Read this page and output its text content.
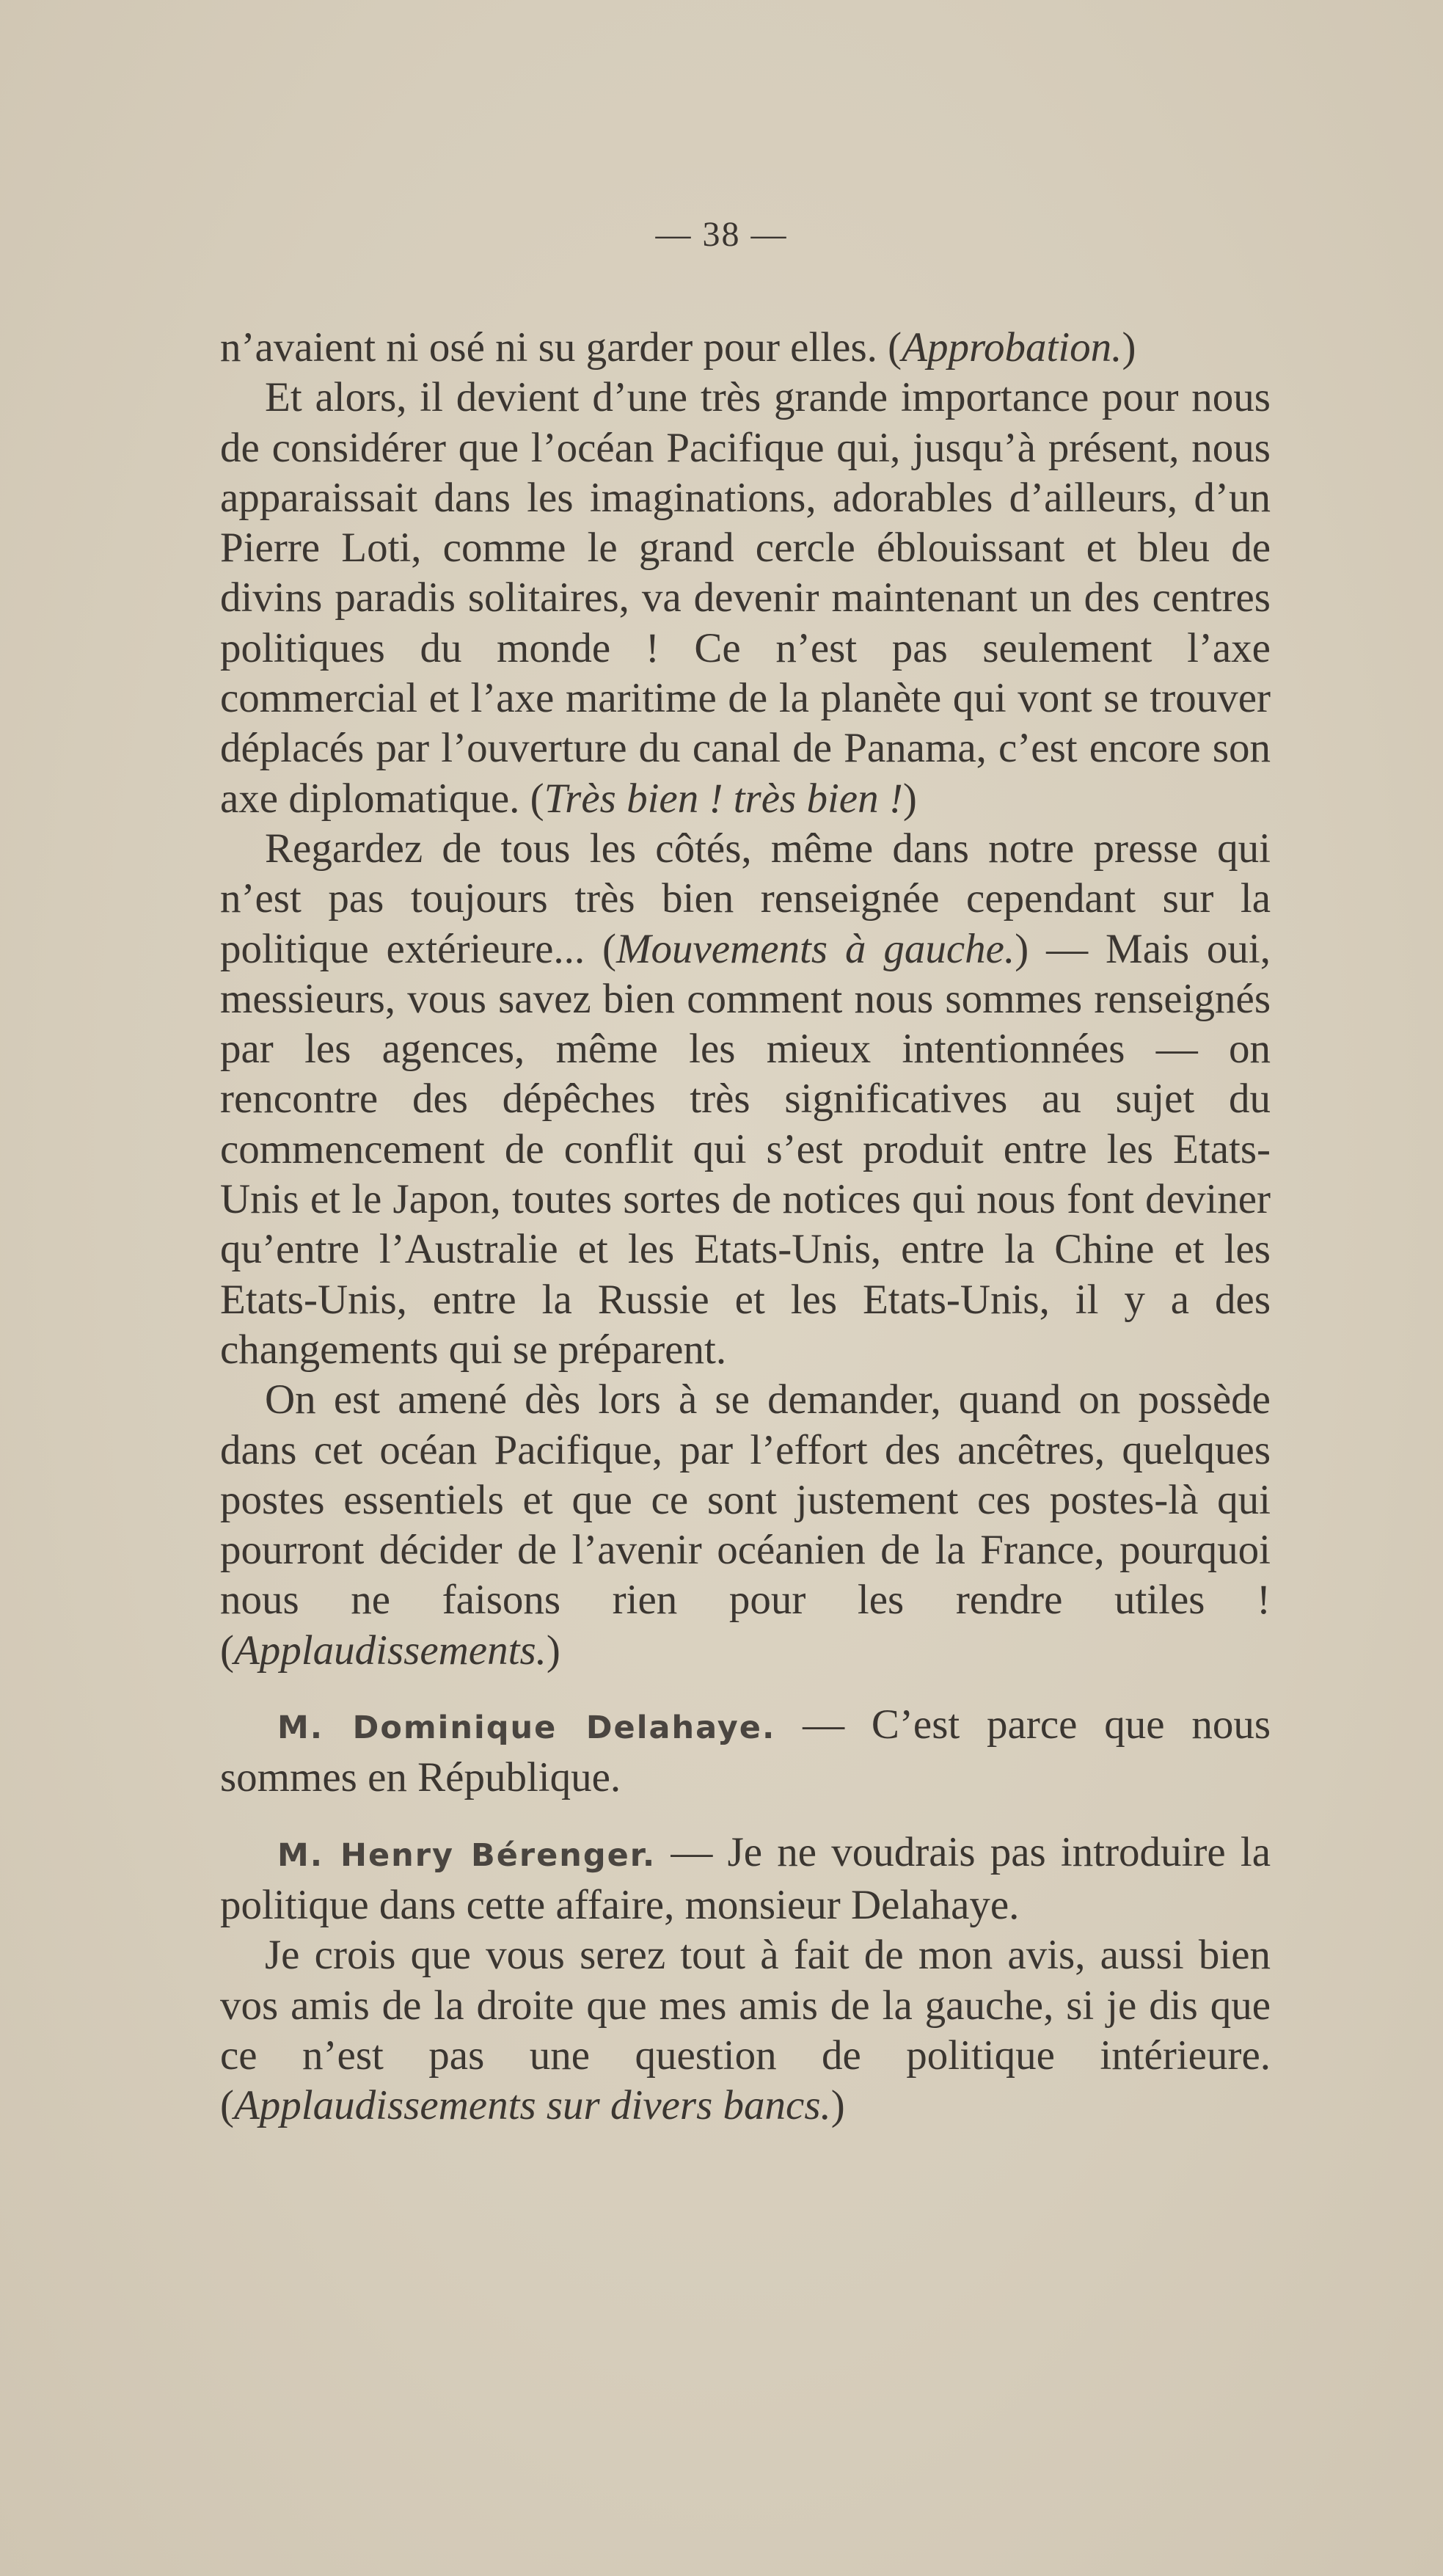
— 38 —

n’avaient ni osé ni su garder pour elles. (Approbation.)

Et alors, il devient d’une très grande importance pour nous de considérer que l’océan Pacifique qui, jusqu’à présent, nous apparaissait dans les imaginations, adorables d’ailleurs, d’un Pierre Loti, comme le grand cercle éblouissant et bleu de divins paradis solitaires, va devenir maintenant un des centres politiques du monde ! Ce n’est pas seulement l’axe commercial et l’axe maritime de la planète qui vont se trouver déplacés par l’ouverture du canal de Panama, c’est encore son axe diplomatique. (Très bien ! très bien !)

Regardez de tous les côtés, même dans notre presse qui n’est pas toujours très bien renseignée cependant sur la politique extérieure... (Mouvements à gauche.) — Mais oui, messieurs, vous savez bien comment nous sommes renseignés par les agences, même les mieux intentionnées — on rencontre des dépêches très significatives au sujet du commencement de conflit qui s’est produit entre les Etats-Unis et le Japon, toutes sortes de notices qui nous font deviner qu’entre l’Australie et les Etats-Unis, entre la Chine et les Etats-Unis, entre la Russie et les Etats-Unis, il y a des changements qui se préparent.

On est amené dès lors à se demander, quand on possède dans cet océan Pacifique, par l’effort des ancêtres, quelques postes essentiels et que ce sont justement ces postes-là qui pourront décider de l’avenir océanien de la France, pourquoi nous ne faisons rien pour les rendre utiles ! (Applaudissements.)

M. Dominique Delahaye. — C’est parce que nous sommes en République.

M. Henry Bérenger. — Je ne voudrais pas introduire la politique dans cette affaire, monsieur Delahaye.

Je crois que vous serez tout à fait de mon avis, aussi bien vos amis de la droite que mes amis de la gauche, si je dis que ce n’est pas une question de politique intérieure. (Applaudissements sur divers bancs.)
